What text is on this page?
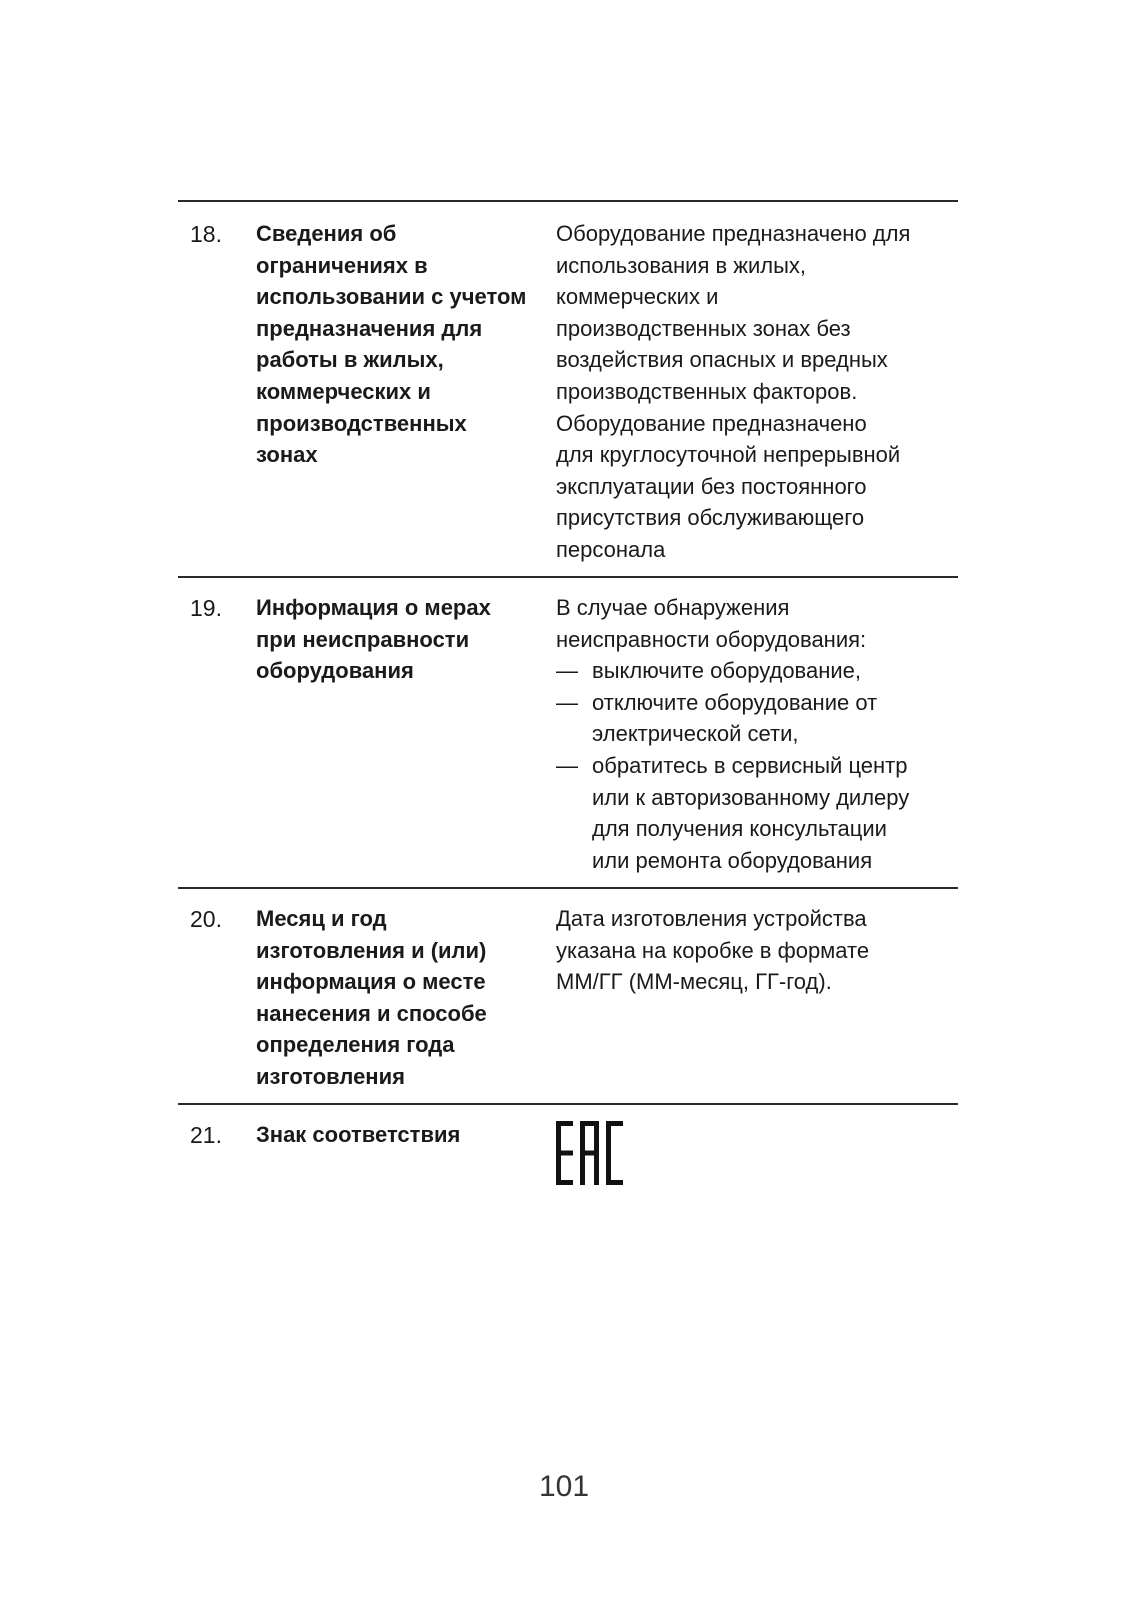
18. Сведения об
ограничениях в
использовании с учетом
предназначения для
работы в жилых,
коммерческих и
производственных
зонах
Оборудование предназначено для
использования в жилых,
коммерческих и
производственных зонах без
воздействия опасных и вредных
производственных факторов.
Оборудование предназначено
для круглосуточной непрерывной
эксплуатации без постоянного
присутствия обслуживающего
персонала
19. Информация о мерах
при неисправности
оборудования
В случае обнаружения
неисправности оборудования:
— выключите оборудование,
— отключите оборудование от
электрической сети,
— обратитесь в сервисный центр
или к авторизованному дилеру
для получения консультации
или ремонта оборудования
20. Месяц и год
изготовления и (или)
информация о месте
нанесения и способе
определения года
изготовления
Дата изготовления устройства
указана на коробке в формате
ММ/ГГ (ММ-месяц, ГГ-год).
21. Знак соответствия
101
